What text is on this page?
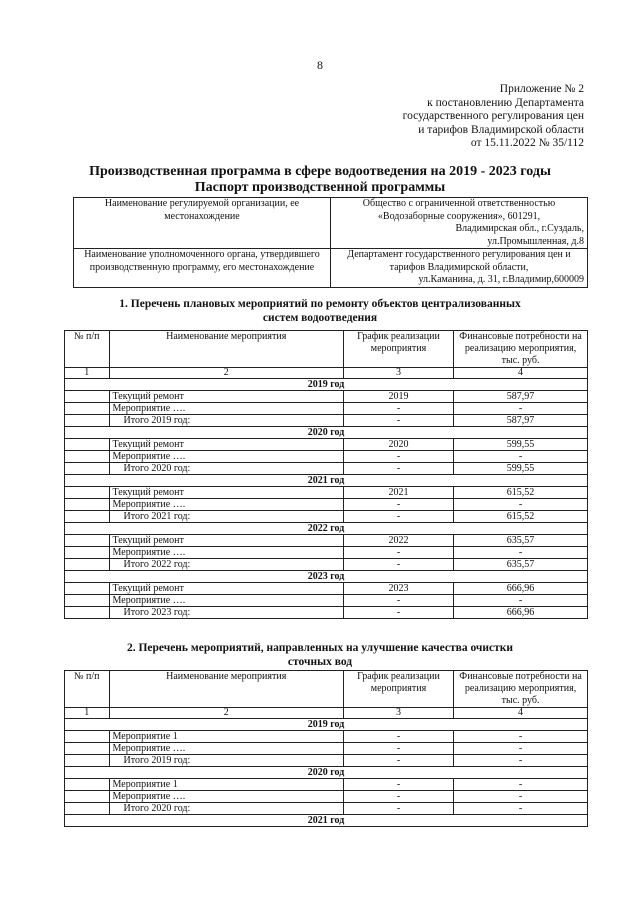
8
Приложение № 2
к постановлению Департамента
государственного регулирования цен
и тарифов Владимирской области
от 15.11.2022 № 35/112
Производственная программа в сфере водоотведения на 2019 - 2023 годы
Паспорт производственной программы
Наименование регулируемой организации, ее местонахождение	Общество с ограниченной ответственностью «Водозаборные сооружения», 601291,
Владимирская обл., г.Суздаль,
ул.Промышленная, д.8

Наименование уполномоченного органа, утвердившего производственную программу, его местонахождение	Департамент государственного регулирования цен и тарифов Владимирской области,
ул.Каманина, д. 31, г.Владимир,600009
1. Перечень плановых мероприятий по ремонту объектов централизованных
систем водоотведения
№ п/п	Наименование мероприятия	График реализации мероприятия	Финансовые потребности на реализацию мероприятия, тыс. руб.
1	2	3	4
2019 год			
	Текущий ремонт	2019	587,97
	Мероприятие ….	-	-
	Итого 2019 год:	-	587,97
2020 год			
	Текущий ремонт	2020	599,55
	Мероприятие ….	-	-
	Итого 2020 год:	-	599,55
2021 год			
	Текущий ремонт	2021	615,52
	Мероприятие ….	-	-
	Итого 2021 год:	-	615,52
2022 год			
	Текущий ремонт	2022	635,57
	Мероприятие ….	-	-
	Итого 2022 год:	-	635,57
2023 год			
	Текущий ремонт	2023	666,96
	Мероприятие ….	-	-
	Итого 2023 год:	-	666,96
2. Перечень мероприятий, направленных на улучшение качества очистки
сточных вод
№ п/п	Наименование мероприятия	График реализации мероприятия	Финансовые потребности на реализацию мероприятия, тыс. руб.
1	2	3	4
2019 год			
	Мероприятие 1	-	-
	Мероприятие ….	-	-
	Итого 2019 год:	-	-
2020 год			
	Мероприятие 1	-	-
	Мероприятие ….	-	-
	Итого 2020 год:	-	-
2021 год			
